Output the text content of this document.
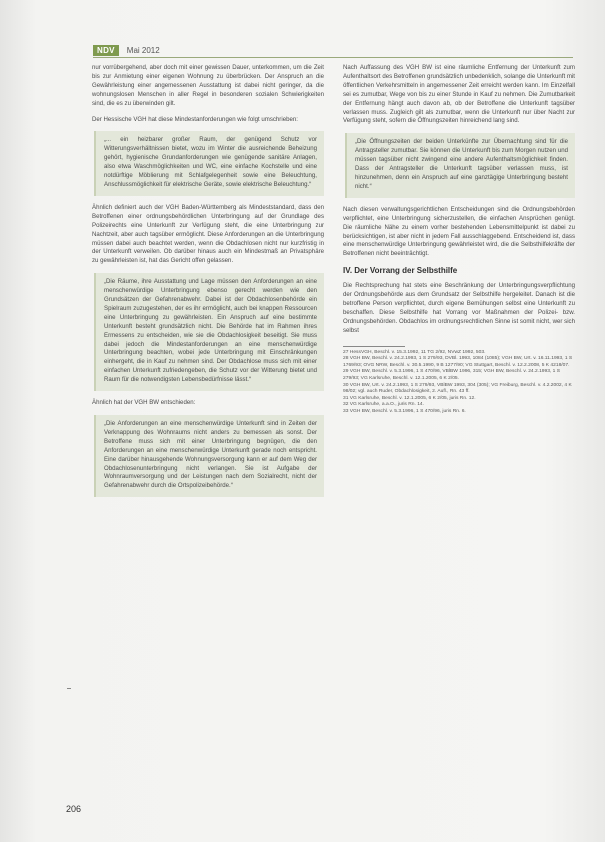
NDV	Mai 2012

nur vorrübergehend, aber doch mit einer gewissen Dauer, unterkommen, um die Zeit bis zur Anmietung einer eigenen Wohnung zu überbrücken. Der Anspruch an die Gewährleistung einer angemessenen Ausstattung ist dabei nicht geringer, da die wohnungslosen Menschen in aller Regel in besonderen sozialen Schwierigkeiten sind, die es zu überwinden gilt.

Der Hessische VGH hat diese Mindestanforderungen wie folgt umschrieben:

„... ein heizbarer großer Raum, der genügend Schutz vor Witterungsverhältnissen bietet, wozu im Winter die ausreichende Beheizung gehört, hygienische Grundanforderungen wie genügende sanitäre Anlagen, also etwa Waschmöglichkeiten und WC, eine einfache Kochstelle und eine notdürftige Möblierung mit Schlafgelegenheit sowie eine Beleuchtung, Anschlussmöglichkeit für elektrische Geräte, sowie elektrische Beleuchtung.“

Ähnlich definiert auch der VGH Baden-Württemberg als Mindeststandard, dass den Betroffenen einer ordnungsbehördlichen Unterbringung auf der Grundlage des Polizeirechts eine Unterkunft zur Verfügung steht, die eine Unterbringung zur Nachtzeit, aber auch tagsüber ermöglicht. Diese Anforderungen an die Unterbringung müssen dabei auch beachtet werden, wenn die Obdachlosen nicht nur kurzfristig in der Unterkunft verweilen. Ob darüber hinaus auch ein Mindestmaß an Privatsphäre zu gewährleisten ist, hat das Gericht offen gelassen.

„Die Räume, ihre Ausstattung und Lage müssen den Anforderungen an eine menschenwürdige Unterbringung ebenso gerecht werden wie den Grundsätzen der Gefahrenabwehr. Dabei ist der Obdachlosenbehörde ein Spielraum zuzugestehen, der es ihr ermöglicht, auch bei knappen Ressourcen eine Unterbringung zu gewährleisten. Ein Anspruch auf eine bestimmte Unterkunft besteht grundsätzlich nicht. Die Behörde hat im Rahmen ihres Ermessens zu entscheiden, wie sie die Obdachlosigkeit beseitigt. Sie muss dabei jedoch die Mindestanforderungen an eine menschenwürdige Unterbringung beachten, wobei jede Unterbringung mit Einschränkungen einhergeht, die in Kauf zu nehmen sind. Der Obdachlose muss sich mit einer einfachen Unterkunft zufriedengeben, die Schutz vor der Witterung bietet und Raum für die notwendigsten Lebensbedürfnisse lässt.“

Ähnlich hat der VGH BW entschieden:

„Die Anforderungen an eine menschenwürdige Unterkunft sind in Zeiten der Verknappung des Wohnraums nicht anders zu bemessen als sonst. Der Betroffene muss sich mit einer Unterbringung begnügen, die den Anforderungen an eine menschenwürdige Unterkunft gerade noch entspricht. Eine darüber hinausgehende Wohnungsversorgung kann er auf dem Weg der Obdachlosenunterbringung nicht verlangen. Sie ist Aufgabe der Wohnraumversorgung und der Leistungen nach dem Sozialrecht, nicht der Gefahrenabwehr durch die Ortspolizeibehörde.“

Nach Auffassung des VGH BW ist eine räumliche Entfernung der Unterkunft zum Aufenthaltsort des Betroffenen grundsätzlich unbedenklich, solange die Unterkunft mit öffentlichen Verkehrsmitteln in angemessener Zeit erreicht werden kann. Im Einzelfall sei es zumutbar, Wege von bis zu einer Stunde in Kauf zu nehmen. Die Zumutbarkeit der Entfernung hängt auch davon ab, ob der Betroffene die Unterkunft tagsüber verlassen muss. Zugleich gilt als zumutbar, wenn die Unterkunft nur über Nacht zur Verfügung steht, sofern die Öffnungszeiten hinreichend lang sind.

„Die Öffnungszeiten der beiden Unterkünfte zur Übernachtung sind für die Antragsteller zumutbar. Sie können die Unterkunft bis zum Morgen nutzen und müssen tagsüber nicht zwingend eine andere Aufenthaltsmöglichkeit finden. Dass der Antragsteller die Unterkunft tagsüber verlassen muss, ist hinzunehmen, denn ein Anspruch auf eine ganztägige Unterbringung besteht nicht.“

Nach diesen verwaltungsgerichtlichen Entscheidungen sind die Ordnungsbehörden verpflichtet, eine Unterbringung sicherzustellen, die einfachen Ansprüchen genügt. Die räumliche Nähe zu einem vorher bestehenden Lebensmittelpunkt ist dabei zu berücksichtigen, ist aber nicht in jedem Fall ausschlaggebend. Entscheidend ist, dass eine menschenwürdige Unterbringung gewährleistet wird, die die Selbsthilfekräfte der Betroffenen nicht beeinträchtigt.

IV. Der Vorrang der Selbsthilfe

Die Rechtsprechung hat stets eine Beschränkung der Unterbringungsverpflichtung der Ordnungsbehörde aus dem Grundsatz der Selbsthilfe hergeleitet. Danach ist die betroffene Person verpflichtet, durch eigene Bemühungen selbst eine Unterkunft zu beschaffen. Diese Selbsthilfe hat Vorrang vor Maßnahmen der Polizei- bzw. Ordnungsbehörden. Obdachlos im ordnungsrechtlichen Sinne ist somit nicht, wer sich selbst

27 HessVGH, Beschl. v. 15.3.1992, 11 TG 2/92, NVwZ 1992, 503.
28 VGH BW, Beschl. v. 24.2.1993, 1 S 279/93, DVBl. 1993, 1084 (1085); VGH BW, Urt. v. 16.11.1993, 1 S 1769/93; OVG NRW, Beschl. v. 30.5.1990, 9 B 1277/90; VG Stuttgart, Beschl. v. 12.2.2008, 5 K 4218/07.
29 VGH BW, Beschl. v. 5.3.1996, 1 S 470/96, VBlBW 1996, 315; VGH BW, Beschl. v. 24.2.1993, 1 S 279/93; VG Karlsruhe, Beschl. v. 12.1.2005, 6 K 2/05.
30 VGH BW, Urt. v. 24.2.1993, 1 S 279/93, VBlBW 1993, 304 (305); VG Freiburg, Beschl. v. 4.2.2002, 4 K 98/02; vgl. auch Ruder, Obdachlosigkeit, 2. Aufl., Rn. 43 ff.
31 VG Karlsruhe, Beschl. v. 12.1.2005, 6 K 2/05, juris Rn. 12.
32 VG Karlsruhe, a.a.O., juris Rn. 14.
33 VGH BW, Beschl. v. 5.3.1996, 1 S 470/96, juris Rn. 6.
206
